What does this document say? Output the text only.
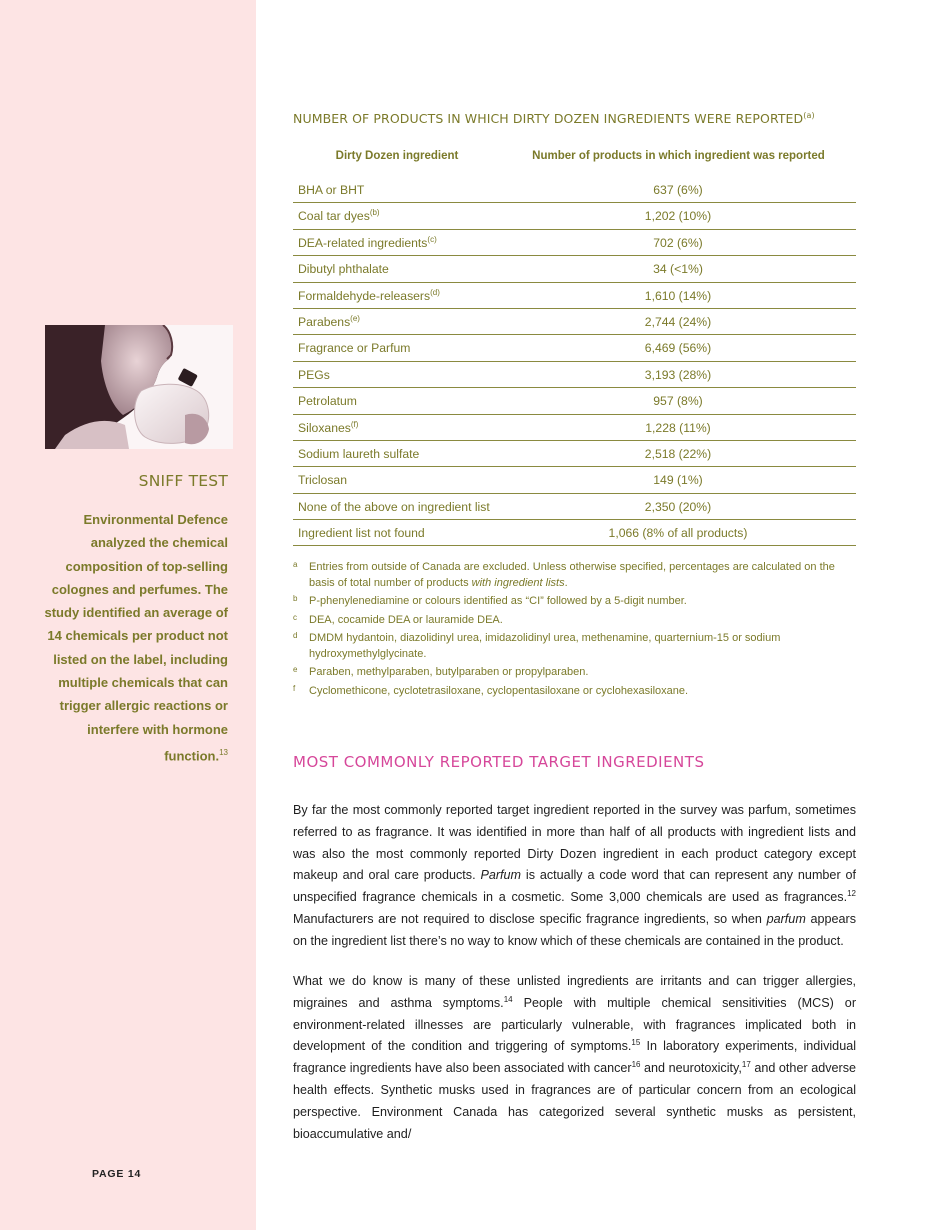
SNIFF TEST
Environmental Defence analyzed the chemical composition of top-selling colognes and perfumes. The study identified an average of 14 chemicals per product not listed on the label, including multiple chemicals that can trigger allergic reactions or interfere with hormone function.$^{13}$
PAGE 14
NUMBER OF PRODUCTS IN WHICH DIRTY DOZEN INGREDIENTS WERE REPORTED$^{(a)}$
Dirty Dozen ingredient	Number of products in which ingredient was reported
BHA or BHT	637 (6%)
Coal tar dyes$^{(b)}$	1,202 (10%)
DEA-related ingredients$^{(c)}$	702 (6%)
Dibutyl phthalate	34 (<1%)
Formaldehyde-releasers$^{(d)}$	1,610 (14%)
Parabens$^{(e)}$	2,744 (24%)
Fragrance or Parfum	6,469 (56%)
PEGs	3,193 (28%)
Petrolatum	957 (8%)
Siloxanes$^{(f)}$	1,228 (11%)
Sodium laureth sulfate	2,518 (22%)
Triclosan	149 (1%)
None of the above on ingredient list	2,350 (20%)
Ingredient list not found	1,066 (8% of all products)
a Entries from outside of Canada are excluded. Unless otherwise specified, percentages are calculated on the basis of total number of products with ingredient lists.
b P-phenylenediamine or colours identified as “CI” followed by a 5-digit number.
c DEA, cocamide DEA or lauramide DEA.
d DMDM hydantoin, diazolidinyl urea, imidazolidinyl urea, methenamine, quarternium-15 or sodium hydroxymethylglycinate.
e Paraben, methylparaben, butylparaben or propylparaben.
f Cyclomethicone, cyclotetrasiloxane, cyclopentasiloxane or cyclohexasiloxane.
MOST COMMONLY REPORTED TARGET INGREDIENTS
By far the most commonly reported target ingredient reported in the survey was parfum, sometimes referred to as fragrance. It was identified in more than half of all products with ingredient lists and was also the most commonly reported Dirty Dozen ingredient in each product category except makeup and oral care products. Parfum is actually a code word that can represent any number of unspecified fragrance chemicals in a cosmetic. Some 3,000 chemicals are used as fragrances.$^{12}$ Manufacturers are not required to disclose specific fragrance ingredients, so when parfum appears on the ingredient list there’s no way to know which of these chemicals are contained in the product.
What we do know is many of these unlisted ingredients are irritants and can trigger allergies, migraines and asthma symptoms.$^{14}$ People with multiple chemical sensitivities (MCS) or environment-related illnesses are particularly vulnerable, with fragrances implicated both in development of the condition and triggering of symptoms.$^{15}$ In laboratory experiments, individual fragrance ingredients have also been associated with cancer$^{16}$ and neurotoxicity,$^{17}$ and other adverse health effects. Synthetic musks used in fragrances are of particular concern from an ecological perspective. Environment Canada has categorized several synthetic musks as persistent, bioaccumulative and/
